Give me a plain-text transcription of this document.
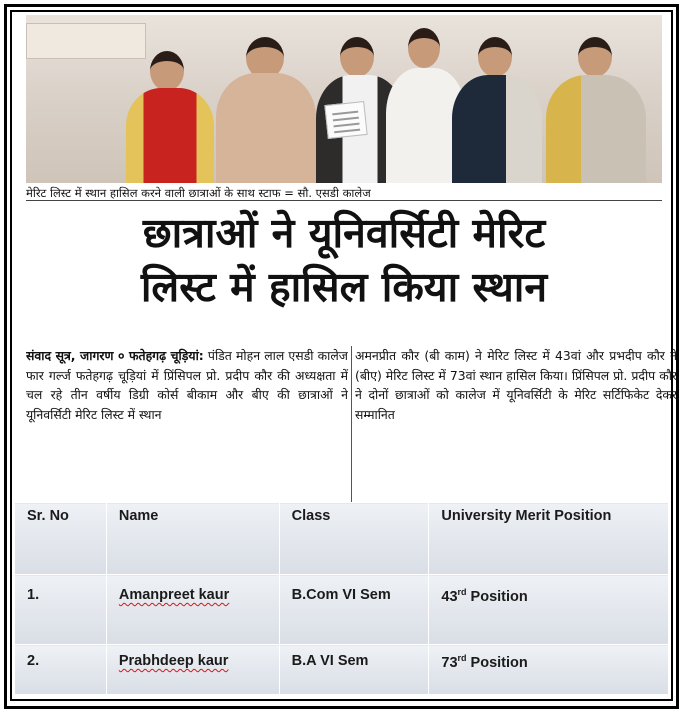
मेरिट लिस्ट में स्थान हासिल करने वाली छात्राओं के साथ स्टाफ = सौ. एसडी कालेज
छात्राओं ने यूनिवर्सिटी मेरिट
लिस्ट में हासिल किया स्थान
संवाद सूत्र, जागरण ० फतेहगढ़ चूड़ियां: पंडित मोहन लाल एसडी कालेज फार गर्ल्ज फतेहगढ़ चूड़ियां में प्रिंसिपल प्रो. प्रदीप कौर की अध्यक्षता में चल रहे तीन वर्षीय डिग्री कोर्स बीकाम और बीए की छात्राओं ने यूनिवर्सिटी मेरिट लिस्ट में स्थान
अमनप्रीत कौर (बी काम) ने मेरिट लिस्ट में 43वां और प्रभदीप कौर ने (बीए) मेरिट लिस्ट में 73वां स्थान हासिल किया। प्रिंसिपल प्रो. प्रदीप कौर ने दोनों छात्राओं को कालेज में यूनिवर्सिटी के मेरिट सर्टिफिकेट देकर सम्मानित
Sr. No	Name	Class	University Merit Position
1.	Amanpreet kaur	B.Com VI Sem	43rd Position
2.	Prabhdeep kaur	B.A VI Sem	73rd Position
